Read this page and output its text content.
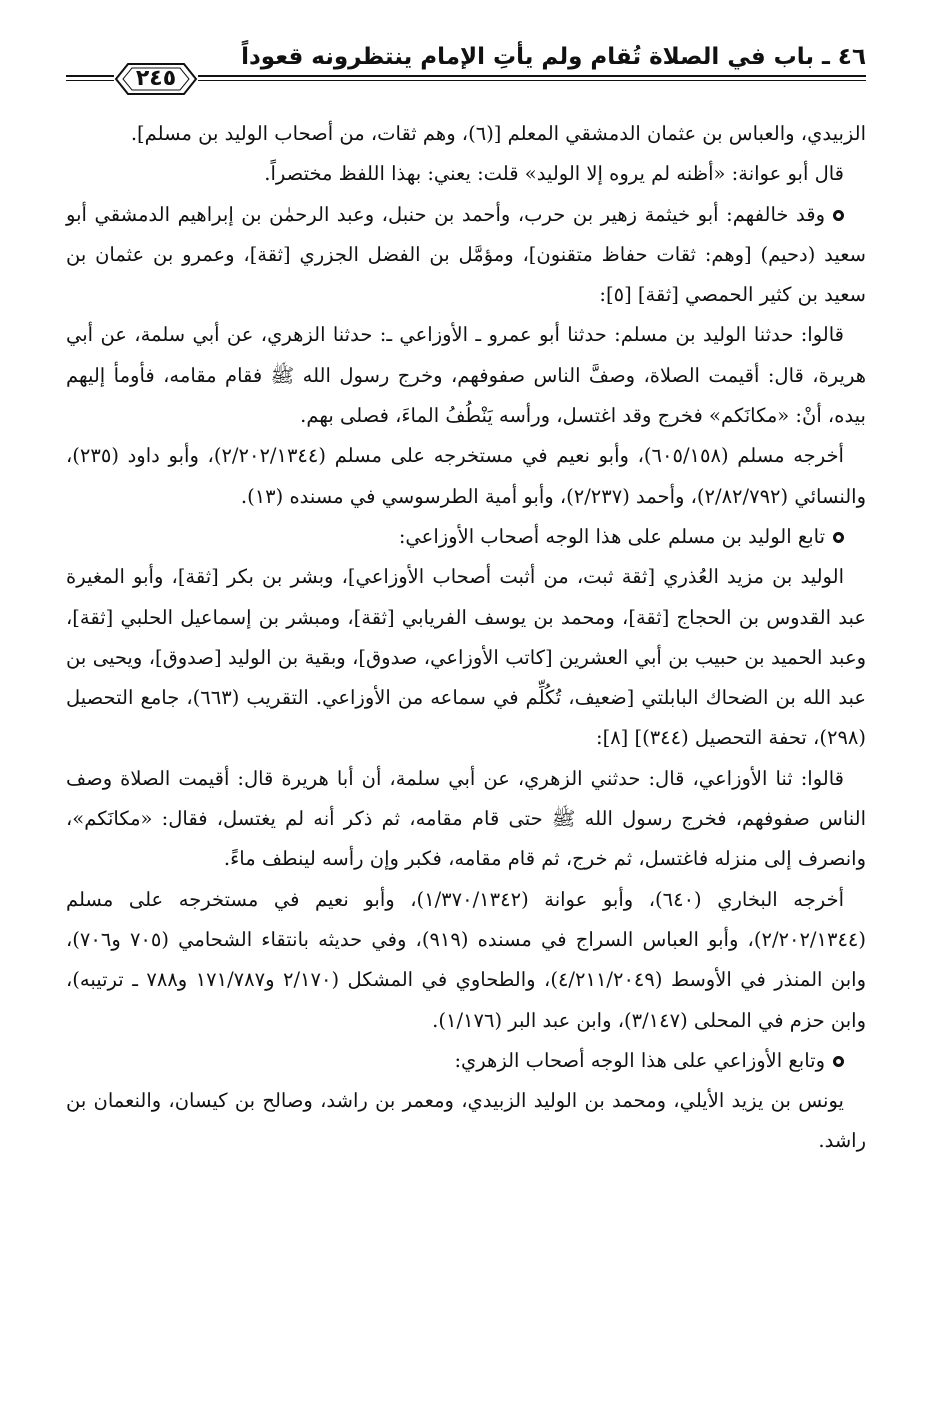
٤٦ ـ باب في الصلاة تُقام ولم يأتِ الإمام ينتظرونه قعوداً
٢٤٥

الزبيدي، والعباس بن عثمان الدمشقي المعلم [(٦)، وهم ثقات، من أصحاب الوليد بن مسلم].

قال أبو عوانة: «أظنه لم يروه إلا الوليد» قلت: يعني: بهذا اللفظ مختصراً.

وقد خالفهم: أبو خيثمة زهير بن حرب، وأحمد بن حنبل، وعبد الرحمٰن بن إبراهيم الدمشقي أبو سعيد (دحيم) [وهم: ثقات حفاظ متقنون]، ومؤمَّل بن الفضل الجزري [ثقة]، وعمرو بن عثمان بن سعيد بن كثير الحمصي [ثقة] [٥]:

قالوا: حدثنا الوليد بن مسلم: حدثنا أبو عمرو ـ الأوزاعي ـ: حدثنا الزهري، عن أبي سلمة، عن أبي هريرة، قال: أقيمت الصلاة، وصفَّ الناس صفوفهم، وخرج رسول الله ﷺ فقام مقامه، فأومأ إليهم بيده، أنْ: «مكانَكم» فخرج وقد اغتسل، ورأسه يَنْطُفُ الماءَ، فصلى بهم.

أخرجه مسلم (٦٠٥/١٥٨)، وأبو نعيم في مستخرجه على مسلم (٢/٢٠٢/١٣٤٤)، وأبو داود (٢٣٥)، والنسائي (٢/٨٢/٧٩٢)، وأحمد (٢/٢٣٧)، وأبو أمية الطرسوسي في مسنده (١٣).

تابع الوليد بن مسلم على هذا الوجه أصحاب الأوزاعي:

الوليد بن مزيد العُذري [ثقة ثبت، من أثبت أصحاب الأوزاعي]، وبشر بن بكر [ثقة]، وأبو المغيرة عبد القدوس بن الحجاج [ثقة]، ومحمد بن يوسف الفريابي [ثقة]، ومبشر بن إسماعيل الحلبي [ثقة]، وعبد الحميد بن حبيب بن أبي العشرين [كاتب الأوزاعي، صدوق]، وبقية بن الوليد [صدوق]، ويحيى بن عبد الله بن الضحاك البابلتي [ضعيف، تُكُلِّم في سماعه من الأوزاعي. التقريب (٦٦٣)، جامع التحصيل (٢٩٨)، تحفة التحصيل (٣٤٤)] [٨]:

قالوا: ثنا الأوزاعي، قال: حدثني الزهري، عن أبي سلمة، أن أبا هريرة قال: أقيمت الصلاة وصف الناس صفوفهم، فخرج رسول الله ﷺ حتى قام مقامه، ثم ذكر أنه لم يغتسل، فقال: «مكانَكم»، وانصرف إلى منزله فاغتسل، ثم خرج، ثم قام مقامه، فكبر وإن رأسه لينطف ماءً.

أخرجه البخاري (٦٤٠)، وأبو عوانة (١/٣٧٠/١٣٤٢)، وأبو نعيم في مستخرجه على مسلم (٢/٢٠٢/١٣٤٤)، وأبو العباس السراج في مسنده (٩١٩)، وفي حديثه بانتقاء الشحامي (٧٠٥ و٧٠٦)، وابن المنذر في الأوسط (٤/٢١١/٢٠٤٩)، والطحاوي في المشكل (٢/١٧٠ و١٧١/٧٨٧ و٧٨٨ ـ ترتيبه)، وابن حزم في المحلى (٣/١٤٧)، وابن عبد البر (١/١٧٦).

وتابع الأوزاعي على هذا الوجه أصحاب الزهري:

يونس بن يزيد الأيلي، ومحمد بن الوليد الزبيدي، ومعمر بن راشد، وصالح بن كيسان، والنعمان بن راشد.
